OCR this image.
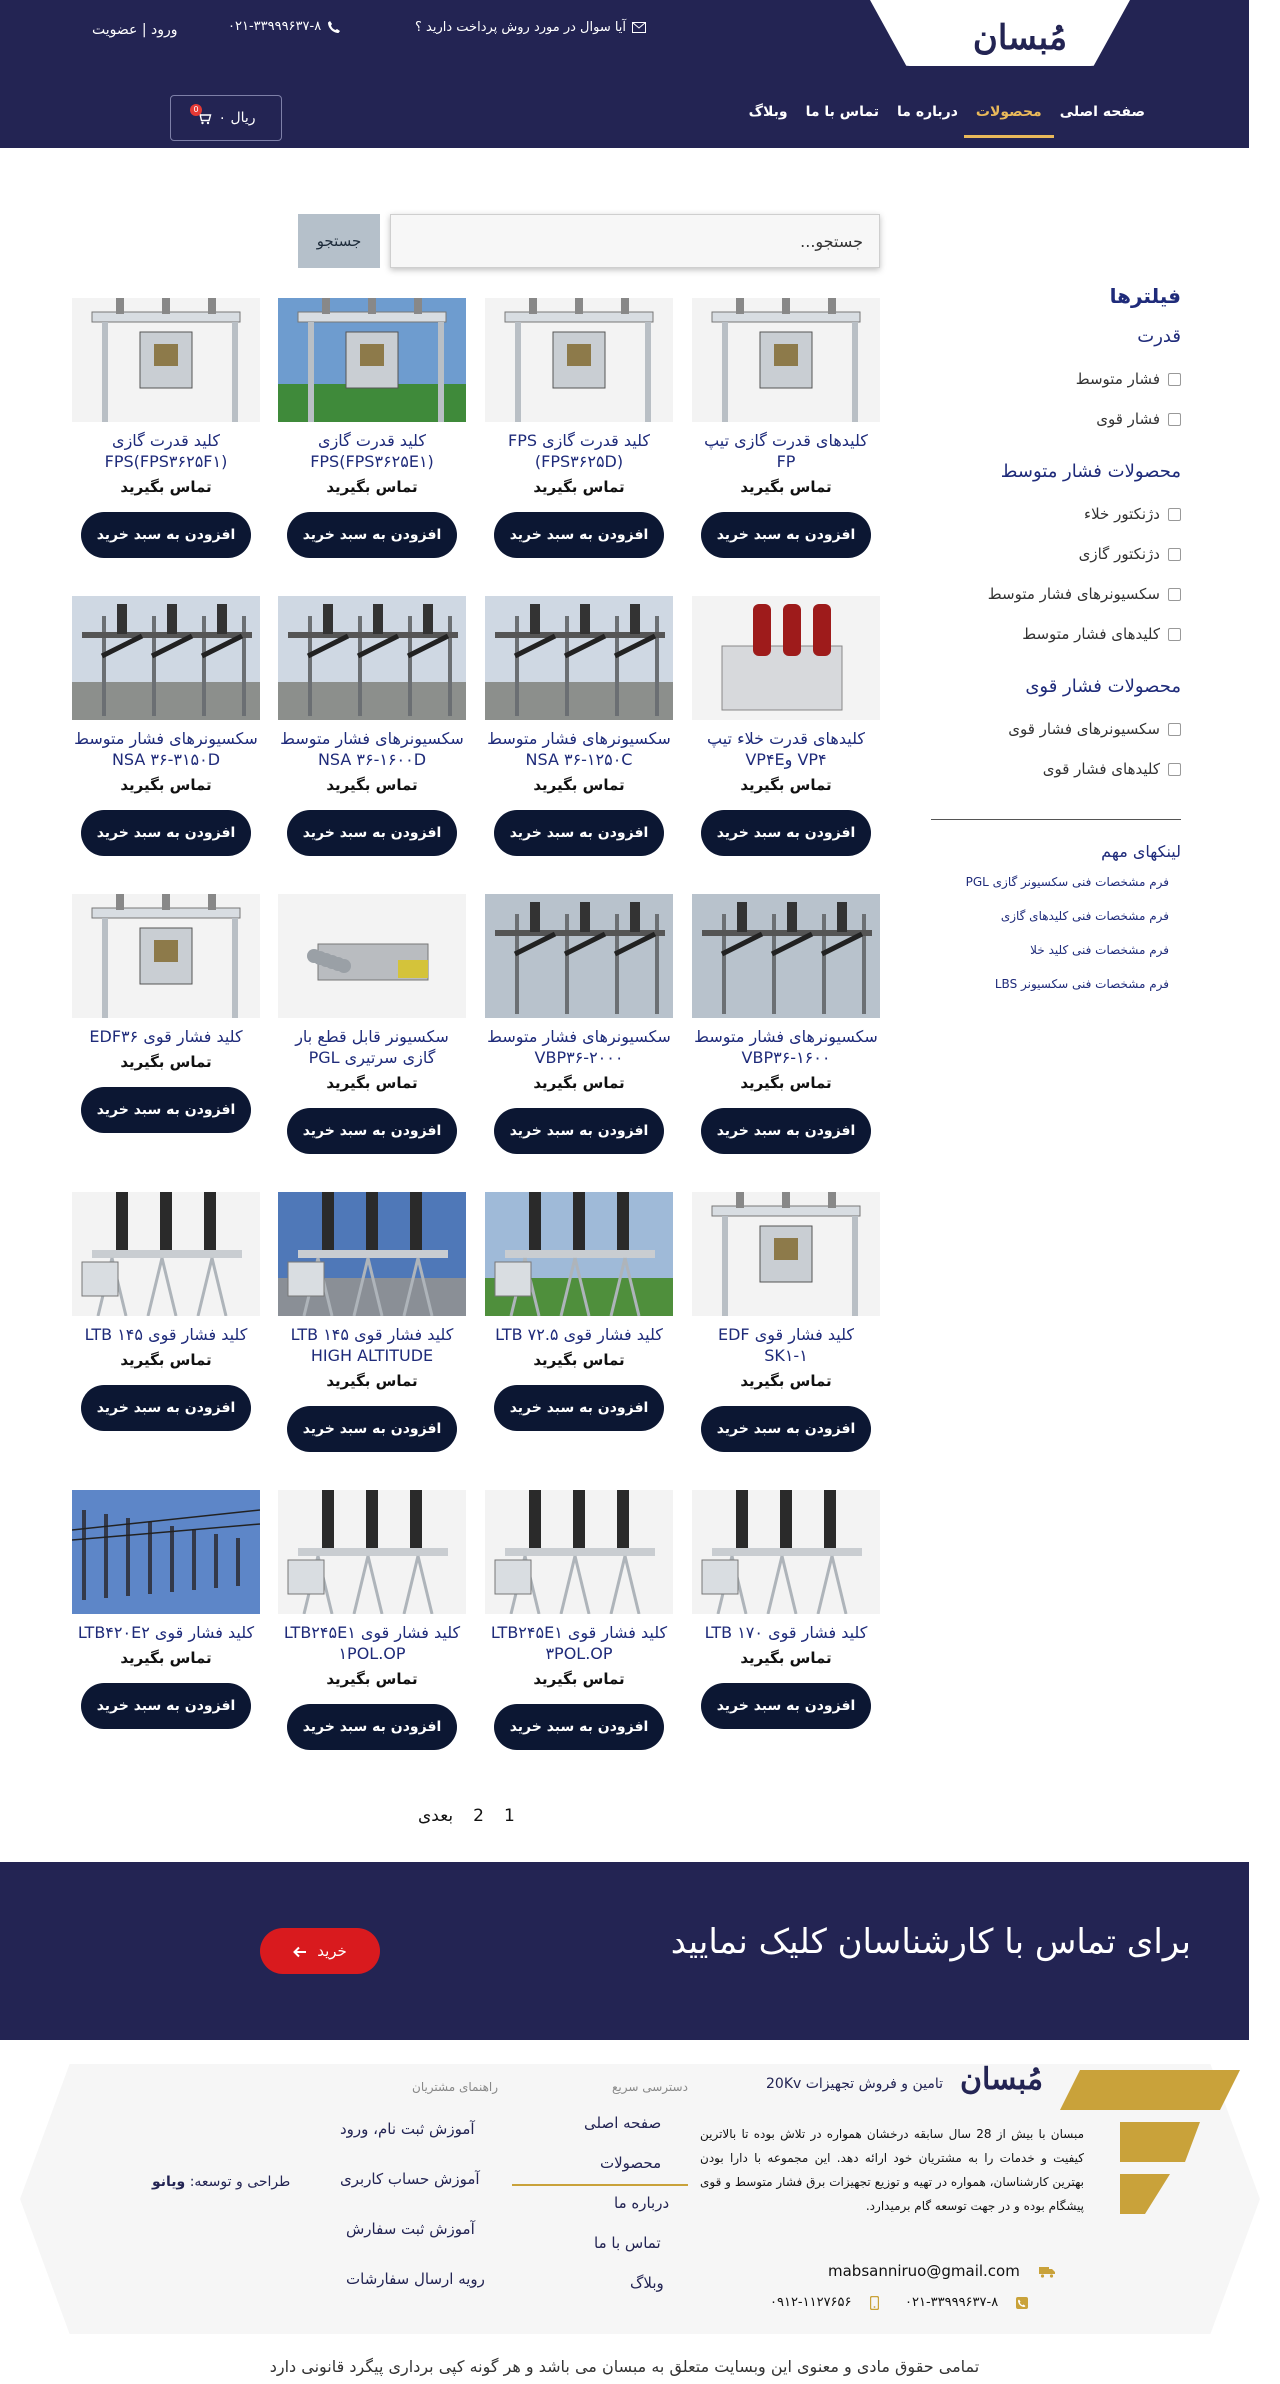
مُبسان
آیا سوال در مورد روش پرداخت دارید ؟
۰۲۱-۳۳۹۹۹۶۳۷-۸
ورود | عضویت
صفحه اصلی
محصولات
درباره ما
تماس با ما
وبلاگ
۰ ریال
0
جستجو...
جستجو
فیلترها
قدرت
فشار متوسط
فشار قوی
محصولات فشار متوسط
دژنکتور خلاء
دژنکتور گازی
سکسیونرهای فشار متوسط
کلیدهای فشار متوسط
محصولات فشار قوی
سکسیونرهای فشار قوی
کلیدهای فشار قوی
لینکهای مهم
فرم مشخصات فنی سکسیونر گازی PGL
فرم مشخصات فنی کلیدهای گازی
فرم مشخصات فنی کلید خلا
فرم مشخصات فنی سکسیونر LBS
کلیدهای قدرت گازی تیپ FP
تماس بگیرید
افزودن به سبد خرید
کلید قدرت گازی FPS (FPS۳۶۲۵D)
تماس بگیرید
افزودن به سبد خرید
کلید قدرت گازی FPS(FPS۳۶۲۵E۱)
تماس بگیرید
افزودن به سبد خرید
کلید قدرت گازی FPS(FPS۳۶۲۵F۱)
تماس بگیرید
افزودن به سبد خرید
کلیدهای قدرت خلاء تیپ VP۴ وVP۴E
تماس بگیرید
افزودن به سبد خرید
سکسیونرهای فشار متوسط NSA ۳۶-۱۲۵۰C
تماس بگیرید
افزودن به سبد خرید
سکسیونرهای فشار متوسط NSA ۳۶-۱۶۰۰D
تماس بگیرید
افزودن به سبد خرید
سکسیونرهای فشار متوسط NSA ۳۶-۳۱۵۰D
تماس بگیرید
افزودن به سبد خرید
سکسیونرهای فشار متوسط VBP۳۶-۱۶۰۰
تماس بگیرید
افزودن به سبد خرید
سکسیونرهای فشار متوسط VBP۳۶-۲۰۰۰
تماس بگیرید
افزودن به سبد خرید
سکسیونر قابل قطع بار گازی سرتیری PGL
تماس بگیرید
افزودن به سبد خرید
کلید فشار قوی EDF۳۶
تماس بگیرید
افزودن به سبد خرید
کلید فشار قوی EDF SK۱-۱
تماس بگیرید
افزودن به سبد خرید
کلید فشار قوی LTB ۷۲.۵
تماس بگیرید
افزودن به سبد خرید
کلید فشار قوی LTB ۱۴۵ HIGH ALTITUDE
تماس بگیرید
افزودن به سبد خرید
کلید فشار قوی LTB ۱۴۵
تماس بگیرید
افزودن به سبد خرید
کلید فشار قوی LTB ۱۷۰
تماس بگیرید
افزودن به سبد خرید
کلید فشار قوی LTB۲۴۵E۱ ۳POL.OP
تماس بگیرید
افزودن به سبد خرید
کلید فشار قوی LTB۲۴۵E۱ ۱POL.OP
تماس بگیرید
افزودن به سبد خرید
کلید فشار قوی LTB۴۲۰E۲
تماس بگیرید
افزودن به سبد خرید
1
2
بعدی
برای تماس با کارشناسان کلیک نمایید
خرید
مُبسان
تامین و فروش تجهیزات 20Kv
مبسان با بیش از 28 سال سابقه درخشان همواره در تلاش بوده تا بالاترین کیفیت و خدمات را به مشتریان خود ارائه دهد. این مجموعه با دارا بودن بهترین کارشناسان، همواره در تهیه و توزیع تجهیزات برق فشار متوسط و قوی پیشگام بوده و در جهت توسعه گام برمیدارد.
mabsanniruo@gmail.com
۰۲۱-۳۳۹۹۹۶۳۷-۸
۰۹۱۲-۱۱۲۷۶۵۶
دسترسی سریع
صفحه اصلی
محصولات
درباره ما
تماس با ما
وبلاگ
راهنمای مشتریان
آموزش ثبت نام، ورود
آموزش حساب کاربری
آموزش ثبت سفارش
رویه ارسال سفارشات
طراحی و توسعه: ویانو
تمامی حقوق مادی و معنوی این وبسایت متعلق به مبسان می باشد و هر گونه کپی برداری پیگرد قانونی دارد
